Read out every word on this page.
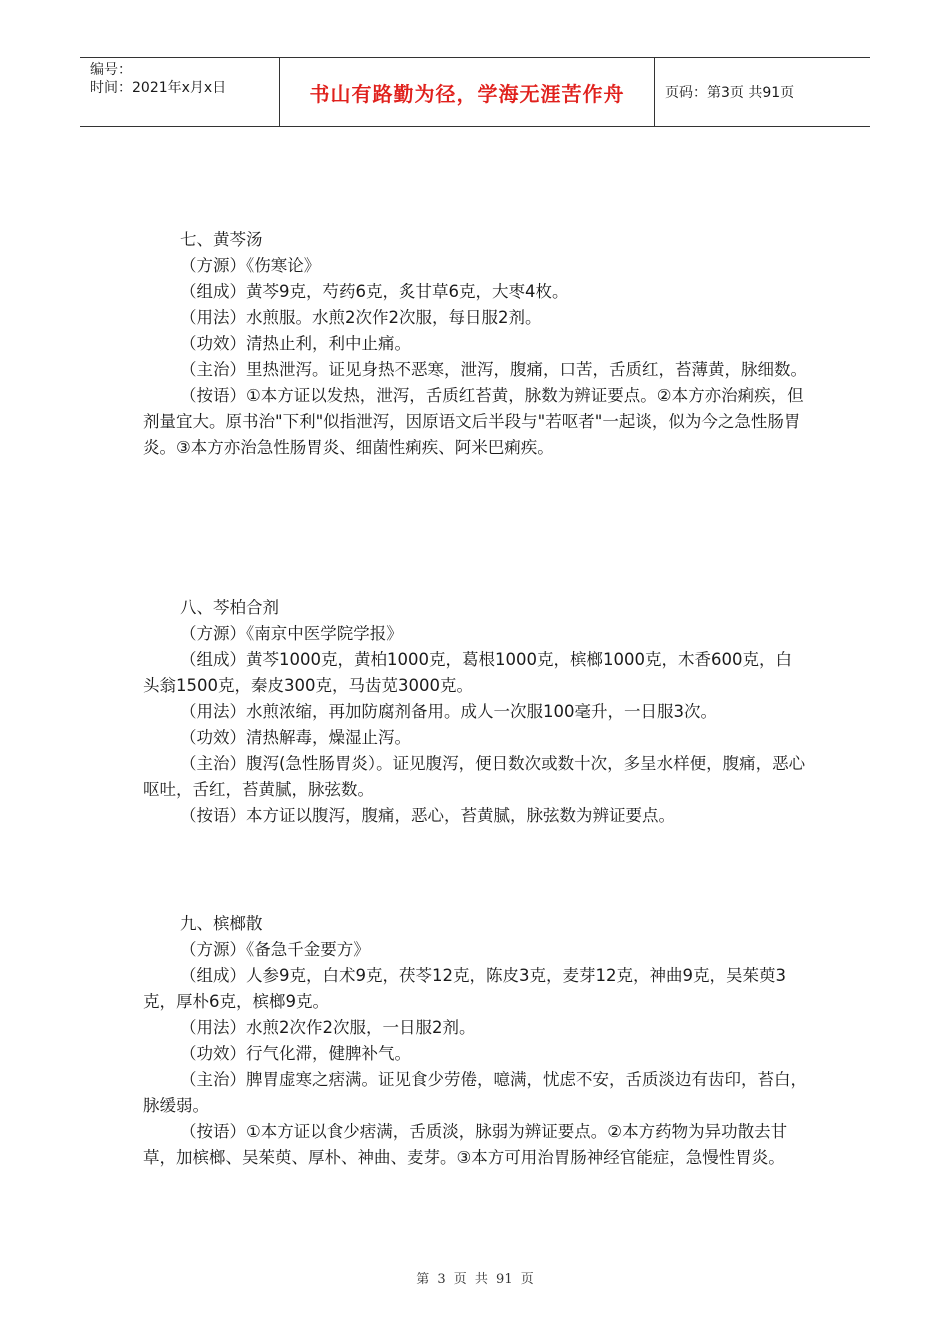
编号：
时间：2021年x月x日	书山有路勤为径，学海无涯苦作舟	页码：第3页 共91页

七、黄芩汤

（方源）《伤寒论》

（组成）黄芩9克，芍药6克，炙甘草6克，大枣4枚。

（用法）水煎服。水煎2次作2次服，每日服2剂。

（功效）清热止利，利中止痛。

（主治）里热泄泻。证见身热不恶寒，泄泻，腹痛，口苦，舌质红，苔薄黄，脉细数。

（按语）①本方证以发热，泄泻，舌质红苔黄，脉数为辨证要点。②本方亦治痢疾，但剂量宜大。原书治"下利"似指泄泻，因原语文后半段与"若呕者"一起谈，似为今之急性肠胃炎。③本方亦治急性肠胃炎、细菌性痢疾、阿米巴痢疾。

八、芩柏合剂

（方源）《南京中医学院学报》

（组成）黄芩1000克，黄柏1000克，葛根1000克，槟榔1000克，木香600克，白头翁1500克，秦皮300克，马齿苋3000克。

（用法）水煎浓缩，再加防腐剂备用。成人一次服100毫升，一日服3次。

（功效）清热解毒，燥湿止泻。

（主治）腹泻(急性肠胃炎）。证见腹泻，便日数次或数十次，多呈水样便，腹痛，恶心呕吐，舌红，苔黄腻，脉弦数。

（按语）本方证以腹泻，腹痛，恶心，苔黄腻，脉弦数为辨证要点。

九、槟榔散

（方源）《备急千金要方》

（组成）人参9克，白术9克，茯苓12克，陈皮3克，麦芽12克，神曲9克，吴茱萸3克，厚朴6克，槟榔9克。

（用法）水煎2次作2次服，一日服2剂。

（功效）行气化滞，健脾补气。

（主治）脾胃虚寒之痞满。证见食少劳倦，噫满，忧虑不安，舌质淡边有齿印，苔白，脉缓弱。

（按语）①本方证以食少痞满，舌质淡，脉弱为辨证要点。②本方药物为异功散去甘草，加槟榔、吴茱萸、厚朴、神曲、麦芽。③本方可用治胃肠神经官能症，急慢性胃炎。

第 3 页 共 91 页
